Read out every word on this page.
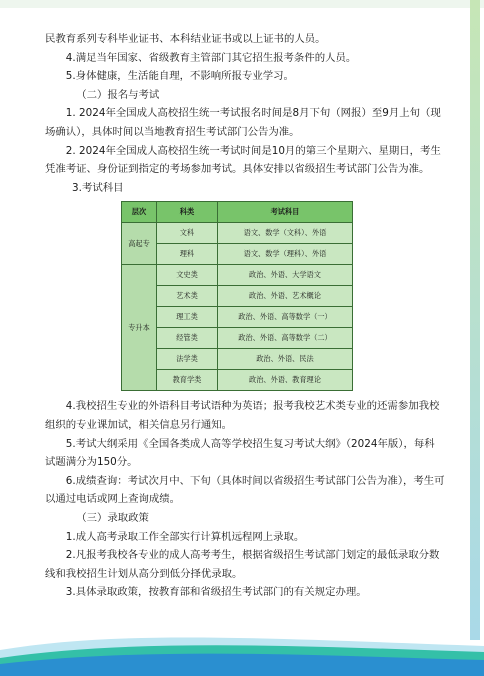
民教育系列专科毕业证书、本科结业证书或以上证书的人员。

4.满足当年国家、省级教育主管部门其它招生报考条件的人员。

5.身体健康，生活能自理，不影响所报专业学习。

（二）报名与考试

1. 2024年全国成人高校招生统一考试报名时间是8月下旬（网报）至9月上旬（现场确认），具体时间以当地教育招生考试部门公告为准。

2. 2024年全国成人高校招生统一考试时间是10月的第三个星期六、星期日，考生凭准考证、身份证到指定的考场参加考试。具体安排以省级招生考试部门公告为准。

3.考试科目

层次	科类	考试科目
高起专	文科	语文、数学（文科）、外语
	理科	语文、数学（理科）、外语
专升本	文史类	政治、外语、大学语文
	艺术类	政治、外语、艺术概论
	理工类	政治、外语、高等数学（一）
	经管类	政治、外语、高等数学（二）
	法学类	政治、外语、民法
	教育学类	政治、外语、教育理论

4.我校招生专业的外语科目考试语种为英语；报考我校艺术类专业的还需参加我校组织的专业课加试，相关信息另行通知。

5.考试大纲采用《全国各类成人高等学校招生复习考试大纲》（2024年版），每科试题满分为150分。

6.成绩查询：考试次月中、下旬（具体时间以省级招生考试部门公告为准），考生可以通过电话或网上查询成绩。

（三）录取政策

1.成人高考录取工作全部实行计算机远程网上录取。

2.凡报考我校各专业的成人高考考生，根据省级招生考试部门划定的最低录取分数线和我校招生计划从高分到低分择优录取。

3.具体录取政策，按教育部和省级招生考试部门的有关规定办理。
